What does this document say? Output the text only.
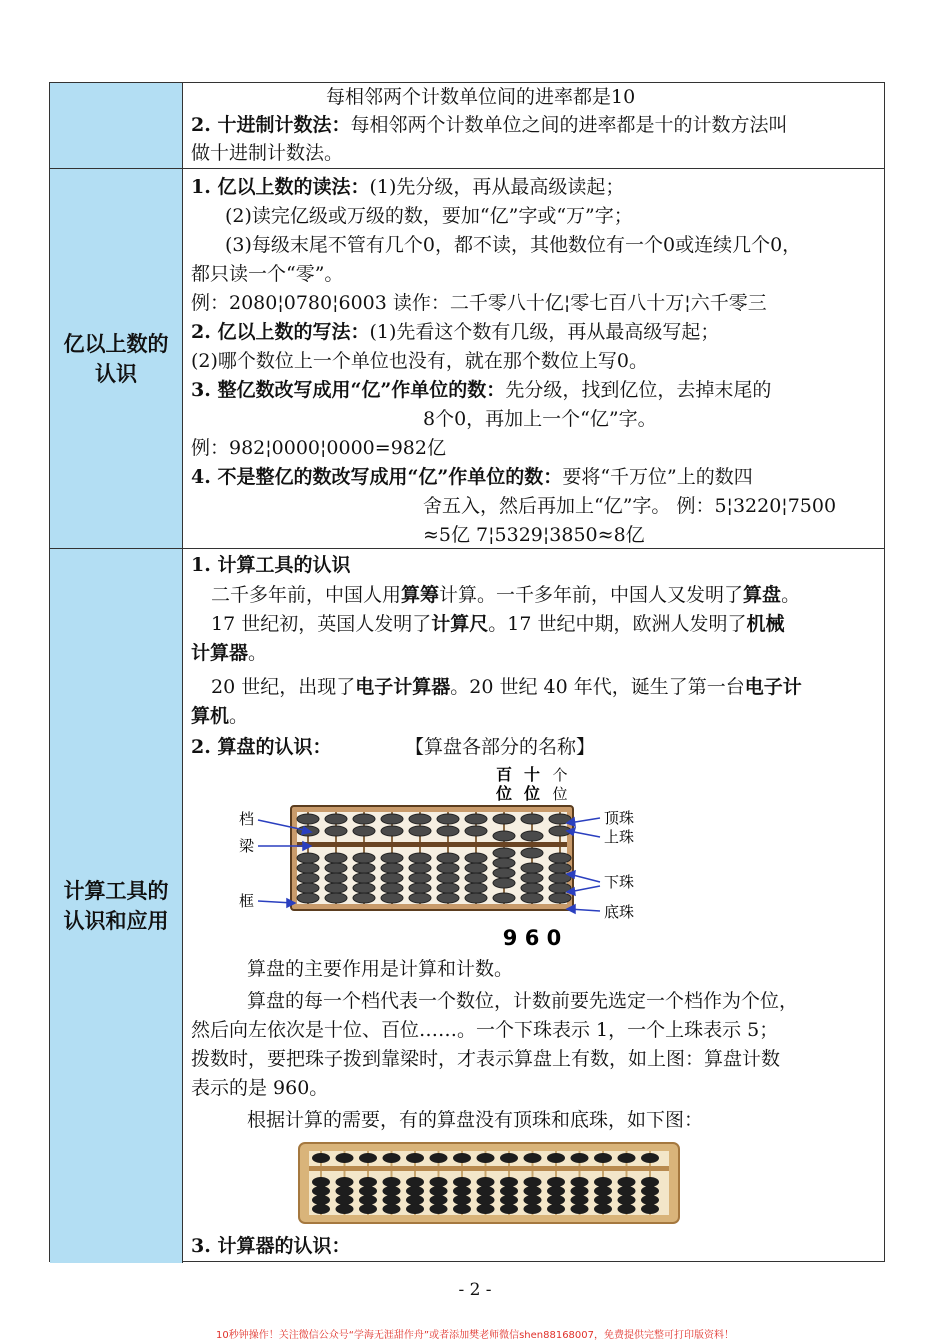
每相邻两个计数单位间的进率都是10
2. 十进制计数法：每相邻两个计数单位之间的进率都是十的计数方法叫
做十进制计数法。
亿以上数的
认识
1. 亿以上数的读法：(1)先分级，再从最高级读起；
(2)读完亿级或万级的数，要加“亿”字或“万”字；
(3)每级末尾不管有几个0，都不读，其他数位有一个0或连续几个0，
都只读一个“零”。
例：2080¦0780¦6003 读作：二千零八十亿¦零七百八十万¦六千零三
2. 亿以上数的写法：(1)先看这个数有几级，再从最高级写起；
(2)哪个数位上一个单位也没有，就在那个数位上写0。
3. 整亿数改写成用“亿”作单位的数：先分级，找到亿位，去掉末尾的
8个0，再加上一个“亿”字。
例：982¦0000¦0000=982亿
4. 不是整亿的数改写成用“亿”作单位的数：要将“千万位”上的数四
舍五入，然后再加上“亿”字。 例：5¦3220¦7500
≈5亿 7¦5329¦3850≈8亿
计算工具的
认识和应用
1. 计算工具的认识
二千多年前，中国人用算筹计算。一千多年前，中国人又发明了算盘。
17 世纪初，英国人发明了计算尺。17 世纪中期，欧洲人发明了机械
计算器。
20 世纪，出现了电子计算器。20 世纪 40 年代，诞生了第一台电子计
算机。
2. 算盘的认识：	【算盘各部分的名称】
百 十 个
位 位 位
档
梁
框
顶珠
上珠
下珠
底珠
9 6 0
算盘的主要作用是计算和计数。
算盘的每一个档代表一个数位，计数前要先选定一个档作为个位，
然后向左依次是十位、百位……。一个下珠表示 1，一个上珠表示 5；
拨数时，要把珠子拨到靠梁时，才表示算盘上有数，如上图：算盘计数
表示的是 960。
根据计算的需要，有的算盘没有顶珠和底珠，如下图：
3. 计算器的认识：
- 2 -
10秒钟操作！关注微信公众号“学海无涯甜作舟”或者添加樊老师微信shen88168007，免费提供完整可打印版资料！
